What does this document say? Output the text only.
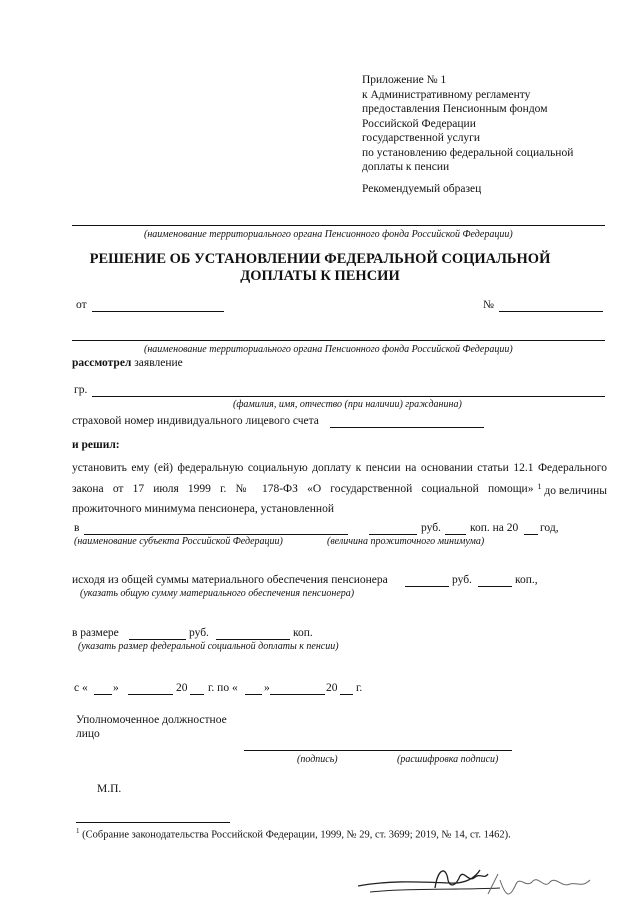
Приложение № 1
к Административному регламенту
предоставления Пенсионным фондом
Российской Федерации
государственной услуги
по установлению федеральной социальной
доплаты к пенсии
Рекомендуемый образец
(наименование территориального органа Пенсионного фонда Российской Федерации)
РЕШЕНИЕ ОБ УСТАНОВЛЕНИИ ФЕДЕРАЛЬНОЙ СОЦИАЛЬНОЙ
ДОПЛАТЫ К ПЕНСИИ
от	№
(наименование территориального органа Пенсионного фонда Российской Федерации)
рассмотрел заявление
гр.
(фамилия, имя, отчество (при наличии) гражданина)
страховой номер индивидуального лицевого счета
и решил:
установить ему (ей) федеральную социальную доплату к пенсии на основании статьи 12.1 Федерального
закона от 17 июля 1999 г. № 178-ФЗ «О государственной социальной помощи» $^1$ до величины
прожиточного минимума пенсионера, установленной
в	руб.	коп. на 20 год,
(наименование субъекта Российской Федерации)	(величина прожиточного минимума)
исходя из общей суммы материального обеспечения пенсионера	руб.	коп.,
(указать общую сумму материального обеспечения пенсионера)
в размере	руб.	коп.
(указать размер федеральной социальной доплаты к пенсии)
с « »	20 г. по « »	20 г.
Уполномоченное должностное
лицо
(подпись)	(расшифровка подписи)
М.П.
$^1$ (Собрание законодательства Российской Федерации, 1999, № 29, ст. 3699; 2019, № 14, ст. 1462).
